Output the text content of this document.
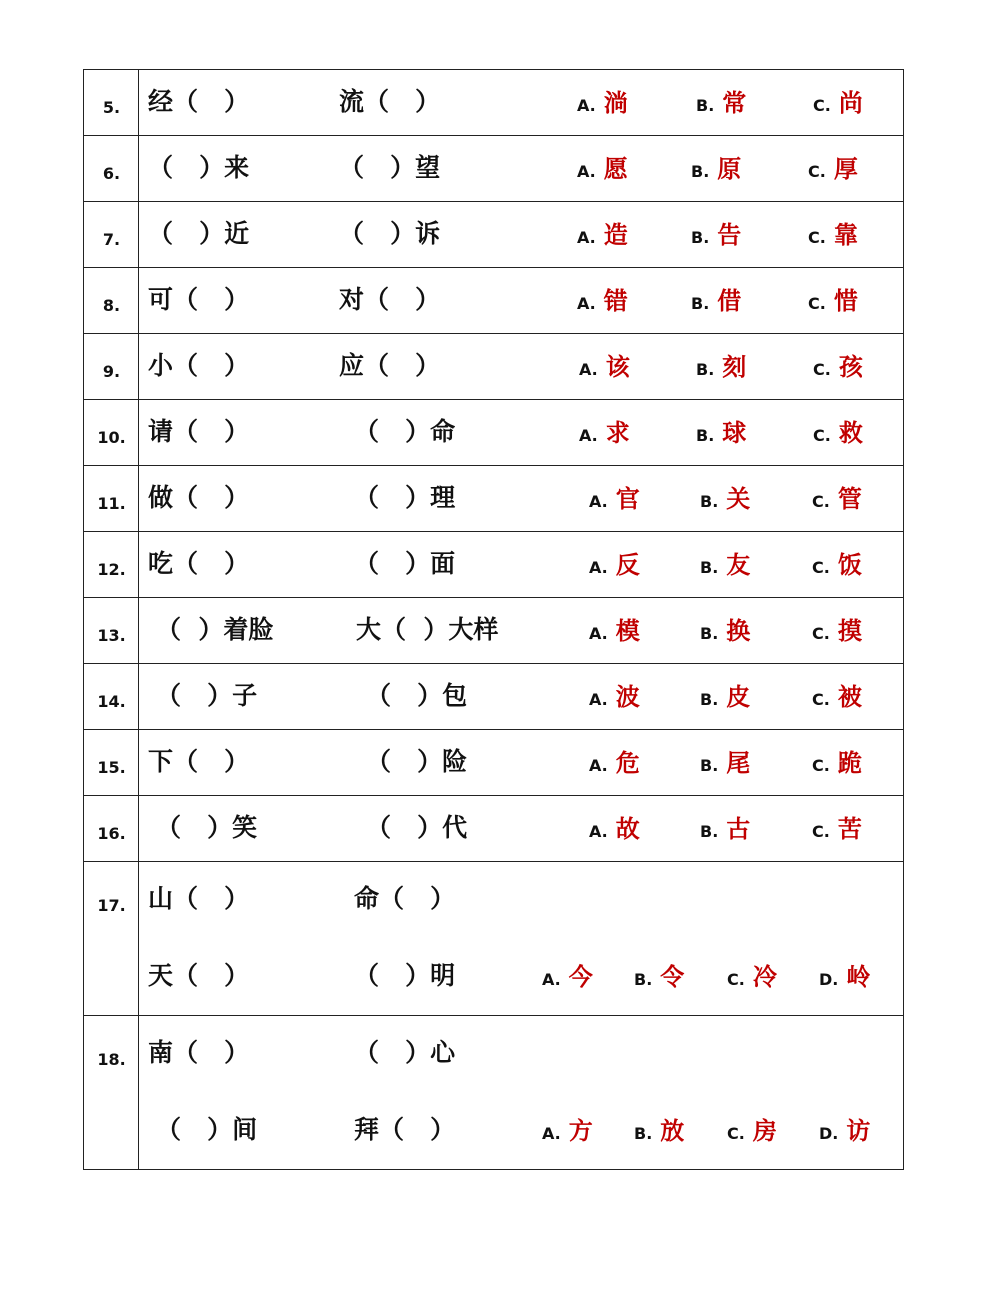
5.	经（   ）	流（   ）	A. 淌	B. 常	C. 尚
6.	（   ）来	（   ）望	A. 愿	B. 原	C. 厚
7.	（   ）近	（   ）诉	A. 造	B. 告	C. 靠
8.	可（   ）	对（   ）	A. 错	B. 借	C. 惜
9.	小（   ）	应（   ）	A. 该	B. 刻	C. 孩
10. 请（   ）	（   ）命	A. 求	B. 球	C. 救
11. 做（   ）	（   ）理	A. 官	B. 关	C. 管
12. 吃（   ）	（   ）面	A. 反	B. 友	C. 饭
13.	（  ）着脸	大（  ）大样	A. 模	B. 换	C. 摸
14.	（   ）子	（   ）包	A. 波	B. 皮	C. 被
15. 下（   ）	（   ）险	A. 危	B. 尾	C. 跪
16.	（   ）笑	（   ）代	A. 故	B. 古	C. 苦
17. 山（   ）	命（   ）
天（   ）	（   ）明	A. 今	B. 令	C. 冷	D. 岭
18. 南（   ）	（   ）心
（   ）间	拜（   ）	A. 方	B. 放	C. 房	D. 访
